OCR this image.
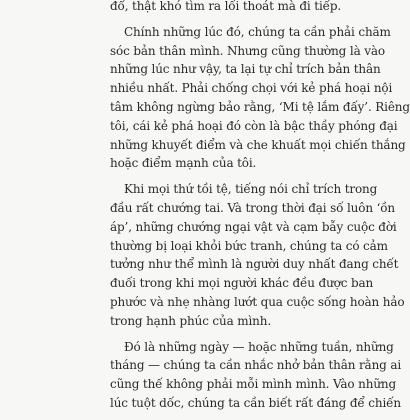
đổ, thật khó tìm ra lối thoát mà đi tiếp.

Chính những lúc đó, chúng ta cần phải chăm
sóc bản thân mình. Nhưng cũng thường là vào
những lúc như vậy, ta lại tự chỉ trích bản thân
nhiều nhất. Phải chống chọi với kẻ phá hoại nội
tâm không ngừng bảo rằng, ‘Mi tệ lắm đấy’. Riêng
tôi, cái kẻ phá hoại đó còn là bậc thầy phóng đại
những khuyết điểm và che khuất mọi chiến thắng
hoặc điểm mạnh của tôi.

Khi mọi thứ tồi tệ, tiếng nói chỉ trích trong
đầu rất chướng tai. Và trong thời đại số luôn ‘ồn
áp’, những chướng ngại vật và cạm bẫy cuộc đời
thường bị loại khỏi bức tranh, chúng ta có cảm
tưởng như thể mình là người duy nhất đang chết
đuối trong khi mọi người khác đều được ban
phước và nhẹ nhàng lướt qua cuộc sống hoàn hảo
trong hạnh phúc của mình.

Đó là những ngày — hoặc những tuần, những
tháng — chúng ta cần nhắc nhở bản thân rằng ai
cũng thế không phải mỗi mình mình. Vào những
lúc tuột dốc, chúng ta cần biết rất đáng để chiến
